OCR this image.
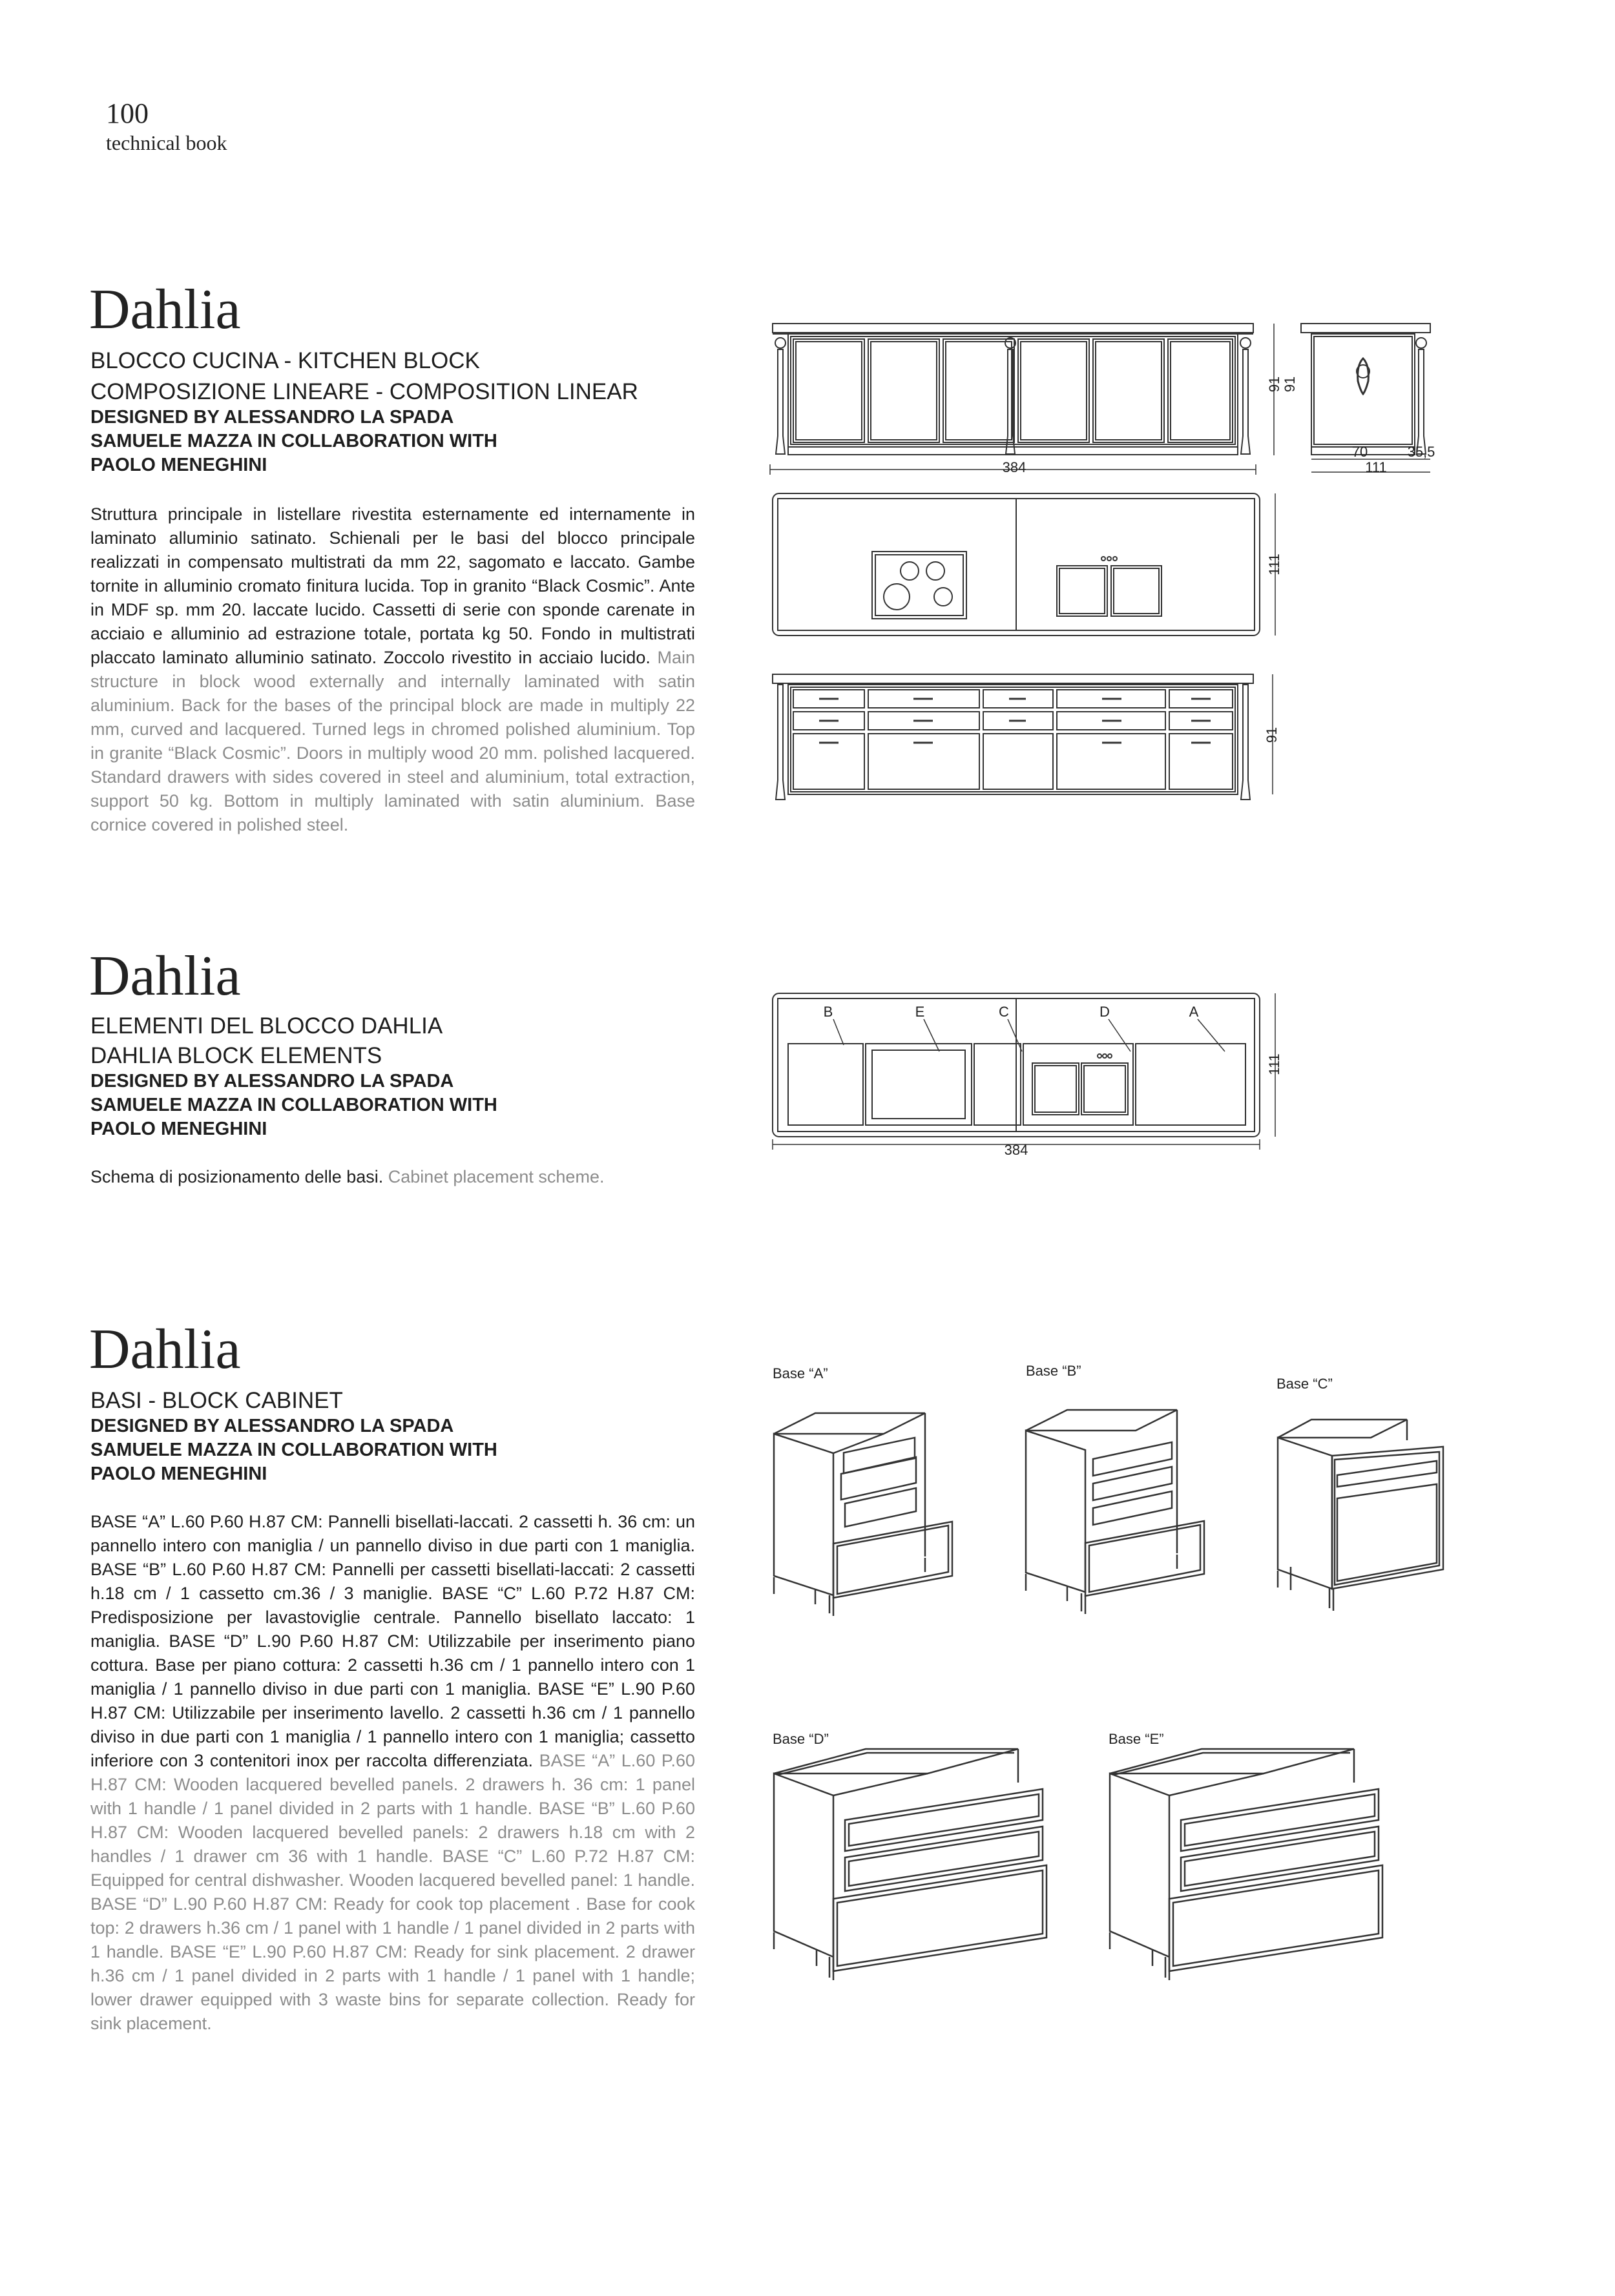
100
technical book
Dahlia
BLOCCO CUCINA - KITCHEN BLOCK
COMPOSIZIONE LINEARE - COMPOSITION LINEAR
DESIGNED BY ALESSANDRO LA SPADA
SAMUELE MAZZA IN COLLABORATION WITH
PAOLO MENEGHINI
Struttura principale in listellare rivestita esternamente ed internamente in laminato alluminio satinato. Schienali per le basi del blocco principale realizzati in compensato multistrati da mm 22, sagomato e laccato. Gambe tornite in alluminio cromato finitura lucida. Top in granito “Black Cosmic”. Ante in MDF sp. mm 20. laccate lucido. Cassetti di serie con sponde carenate in acciaio e alluminio ad estrazione totale, portata kg 50. Fondo in multistrati placcato laminato alluminio satinato. Zoccolo rivestito in acciaio lucido. Main structure in block wood externally and internally laminated with satin aluminium. Back for the bases of the principal block are made in multiply 22 mm, curved and lacquered. Turned legs in chromed polished aluminium. Top in granite “Black Cosmic”. Doors in multiply wood 20 mm. polished lacquered. Standard drawers with sides covered in steel and aluminium, total extraction, support 50 kg. Bottom in multiply laminated with satin aluminium. Base cornice covered in polished steel.
384
91
70	35,5
111
91
111
91
Dahlia
ELEMENTI DEL BLOCCO DAHLIA
DAHLIA BLOCK ELEMENTS
DESIGNED BY ALESSANDRO LA SPADA
SAMUELE MAZZA IN COLLABORATION WITH
PAOLO MENEGHINI
Schema di posizionamento delle basi. Cabinet placement scheme.
B	E	C	D	A
384
111
Dahlia
BASI - BLOCK CABINET
DESIGNED BY ALESSANDRO LA SPADA
SAMUELE MAZZA IN COLLABORATION WITH
PAOLO MENEGHINI
BASE “A” L.60 P.60 H.87 CM: Pannelli bisellati-laccati. 2 cassetti h. 36 cm: un pannello intero con maniglia / un pannello diviso in due parti con 1 maniglia. BASE “B” L.60 P.60 H.87 CM: Pannelli per cassetti bisellati-laccati: 2 cassetti h.18 cm / 1 cassetto cm.36 / 3 maniglie. BASE “C” L.60 P.72 H.87 CM: Predisposizione per lavastoviglie centrale. Pannello bisellato laccato: 1 maniglia. BASE “D” L.90 P.60 H.87 CM: Utilizzabile per inserimento piano cottura. Base per piano cottura: 2 cassetti h.36 cm / 1 pannello intero con 1 maniglia / 1 pannello diviso in due parti con 1 maniglia. BASE “E” L.90 P.60 H.87 CM: Utilizzabile per inserimento lavello. 2 cassetti h.36 cm / 1 pannello diviso in due parti con 1 maniglia / 1 pannello intero con 1 maniglia; cassetto inferiore con 3 contenitori inox per raccolta differenziata. BASE “A” L.60 P.60 H.87 CM: Wooden lacquered bevelled panels. 2 drawers h. 36 cm: 1 panel with 1 handle / 1 panel divided in 2 parts with 1 handle. BASE “B” L.60 P.60 H.87 CM: Wooden lacquered bevelled panels: 2 drawers h.18 cm with 2 handles / 1 drawer cm 36 with 1 handle. BASE “C” L.60 P.72 H.87 CM: Equipped for central dishwasher. Wooden lacquered bevelled panel: 1 handle. BASE “D” L.90 P.60 H.87 CM: Ready for cook top placement . Base for cook top: 2 drawers h.36 cm / 1 panel with 1 handle / 1 panel divided in 2 parts with 1 handle. BASE “E” L.90 P.60 H.87 CM: Ready for sink placement. 2 drawer h.36 cm / 1 panel divided in 2 parts with 1 handle / 1 panel with 1 handle; lower drawer equipped with 3 waste bins for separate collection. Ready for sink placement.
Base “A”	Base “B”
Base “C”
Base “D”	Base “E”
